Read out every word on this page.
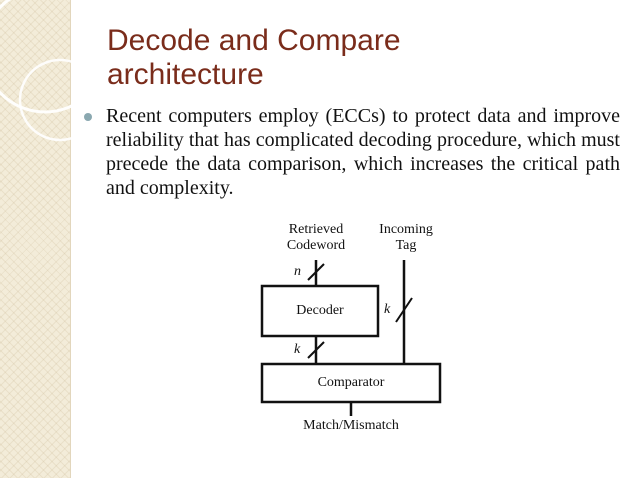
Decode and Compare
architecture
Recent computers employ (ECCs) to protect data and improve reliability that has complicated decoding procedure, which must precede the data comparison, which increases the critical path and complexity.
Retrieved
Codeword
Incoming
Tag
n
k
k
Decoder
Comparator
Match/Mismatch
